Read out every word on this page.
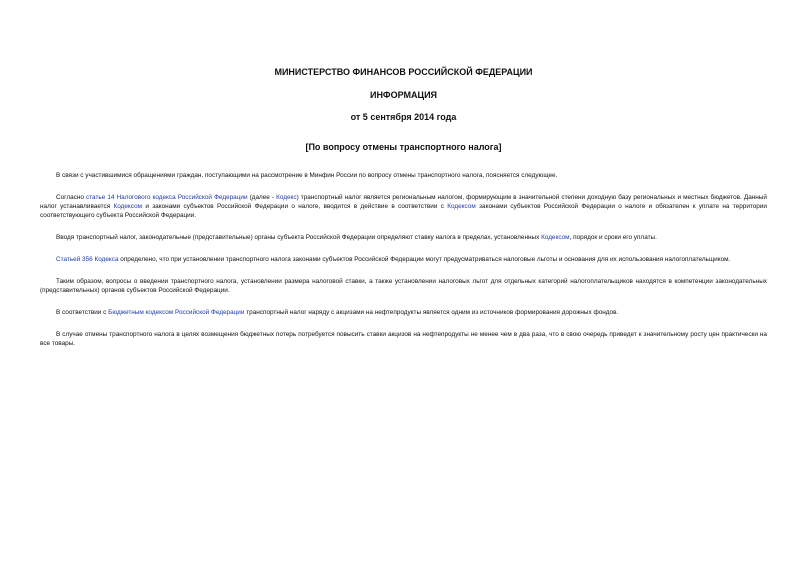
МИНИСТЕРСТВО ФИНАНСОВ РОССИЙСКОЙ ФЕДЕРАЦИИ
ИНФОРМАЦИЯ
от 5 сентября 2014 года
[По вопросу отмены транспортного налога]

В связи с участившимися обращениями граждан, поступающими на рассмотрение в Минфин России по вопросу отмены транспортного налога, поясняется следующее.

Согласно статье 14 Налогового кодекса Российской Федерации (далее - Кодекс) транспортный налог является региональным налогом, формирующим в значительной степени доходную базу региональных и местных бюджетов. Данный налог устанавливается Кодексом и законами субъектов Российской Федерации о налоге, вводится в действие в соответствии с Кодексом законами субъектов Российской Федерации о налоге и обязателен к уплате на территории соответствующего субъекта Российской Федерации.

Вводя транспортный налог, законодательные (представительные) органы субъекта Российской Федерации определяют ставку налога в пределах, установленных Кодексом, порядок и сроки его уплаты.

Статьей 356 Кодекса определено, что при установлении транспортного налога законами субъектов Российской Федерации могут предусматриваться налоговые льготы и основания для их использования налогоплательщиком.

Таким образом, вопросы о введении транспортного налога, установлении размера налоговой ставки, а также установлении налоговых льгот для отдельных категорий налогоплательщиков находятся в компетенции законодательных (представительных) органов субъектов Российской Федерации.

В соответствии с Бюджетным кодексом Российской Федерации транспортный налог наряду с акцизами на нефтепродукты является одним из источников формирования дорожных фондов.

В случае отмены транспортного налога в целях возмещения бюджетных потерь потребуется повысить ставки акцизов на нефтепродукты не менее чем в два раза, что в свою очередь приведет к значительному росту цен практически на все товары.
